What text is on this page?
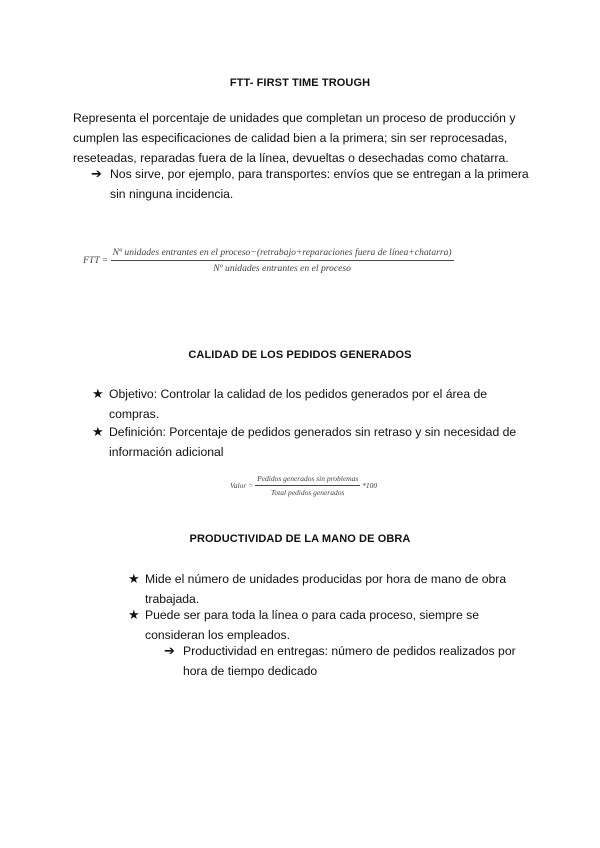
FTT- FIRST TIME TROUGH
Representa el porcentaje de unidades que completan un proceso de producción y cumplen las especificaciones de calidad bien a la primera; sin ser reprocesadas, reseteadas, reparadas fuera de la línea, devueltas o desechadas como chatarra.
➔ Nos sirve, por ejemplo, para transportes: envíos que se entregan a la primera sin ninguna incidencia.
FTT =
Nº unidades entrantes en el proceso−(retrabajo+reparaciones fuera de línea+chatarra)
Nº unidades entrantes en el proceso
CALIDAD DE LOS PEDIDOS GENERADOS
★ Objetivo: Controlar la calidad de los pedidos generados por el área de compras.
★ Definición: Porcentaje de pedidos generados sin retraso y sin necesidad de información adicional
Valor = $\frac{\text{Pedidos generados sin problemas}}{\text{Total pedidos generados}} *100$
PRODUCTIVIDAD DE LA MANO DE OBRA
★ Mide el número de unidades producidas por hora de mano de obra trabajada.
★ Puede ser para toda la línea o para cada proceso, siempre se consideran los empleados.
➔ Productividad en entregas: número de pedidos realizados por hora de tiempo dedicado
